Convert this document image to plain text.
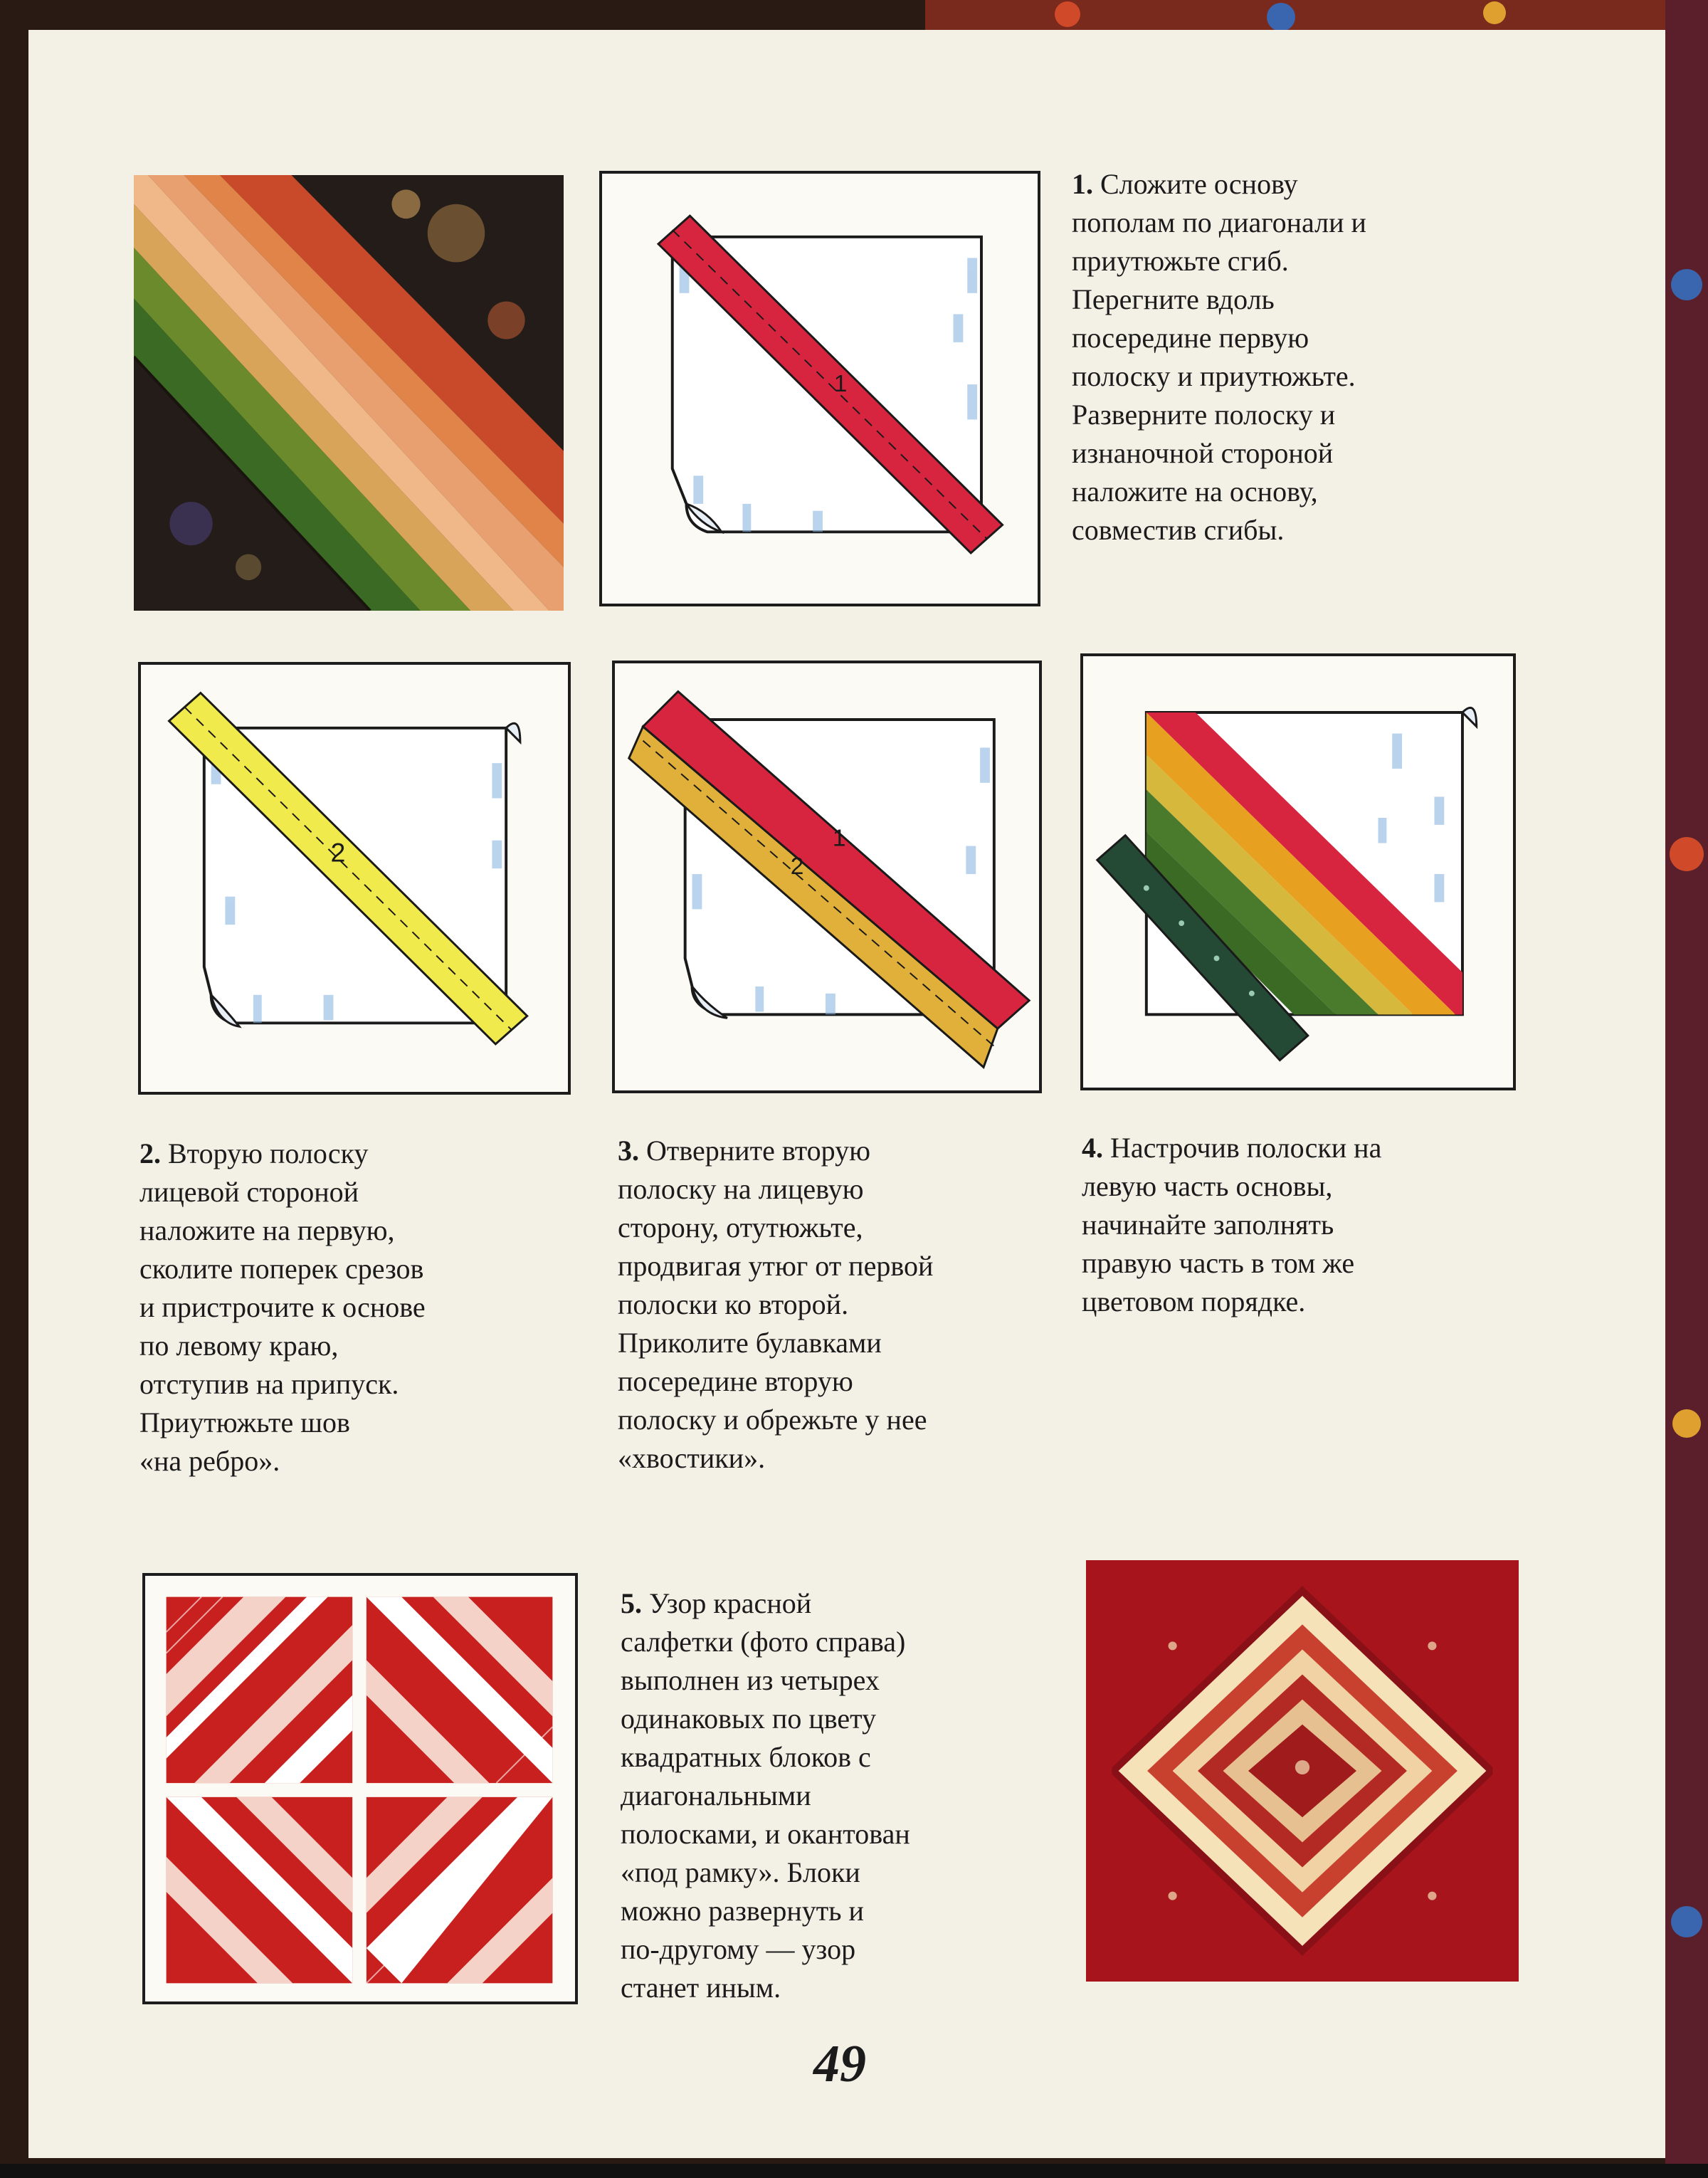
1

1. Сложите основу
пополам по диагонали и
приутюжьте сгиб.
Перегните вдоль
посередине первую
полоску и приутюжьте.
Разверните полоску и
изнаночной стороной
наложите на основу,
совместив сгибы.

2	1
2

2. Вторую полоску
лицевой стороной
наложите на первую,
сколите поперек срезов
и пристрочите к основе
по левому краю,
отступив на припуск.
Приутюжьте шов
«на ребро».

3. Отверните вторую
полоску на лицевую
сторону, отутюжьте,
продвигая утюг от первой
полоски ко второй.
Приколите булавками
посередине вторую
полоску и обрежьте у нее
«хвостики».

4. Настрочив полоски на
левую часть основы,
начинайте заполнять
правую часть в том же
цветовом порядке.

5. Узор красной
салфетки (фото справа)
выполнен из четырех
одинаковых по цвету
квадратных блоков с
диагональными
полосками, и окантован
«под рамку». Блоки
можно развернуть и
по-другому — узор
станет иным.

49
